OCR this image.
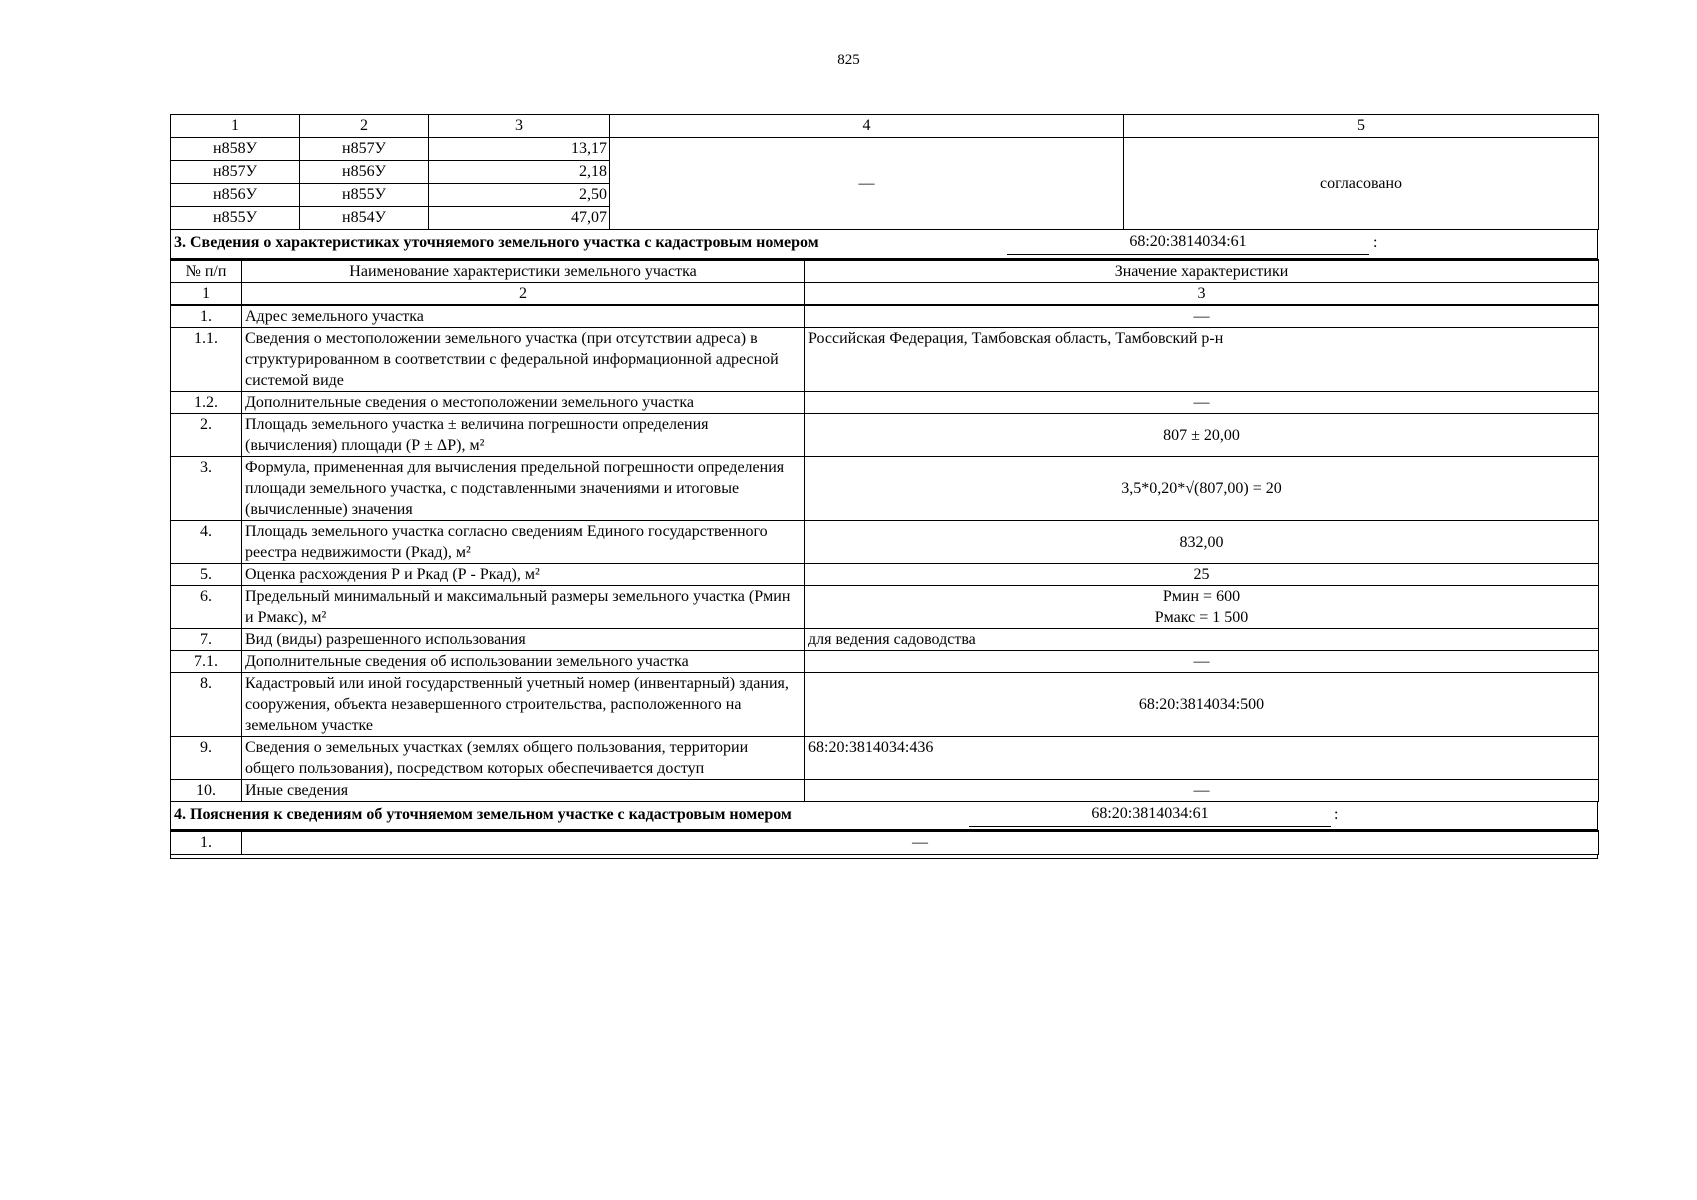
825
1	2	3	4	5
н858У	н857У	13,17	—	согласовано
н857У	н856У	2,18		
н856У	н855У	2,50		
н855У	н854У	47,07		
3. Сведения о характеристиках уточняемого земельного участка с кадастровым номером	68:20:3814034:61	:
№ п/п	Наименование характеристики земельного участка	Значение характеристики
1	2	3
1.	Адрес земельного участка	—
1.1.	Сведения о местоположении земельного участка (при отсутствии адреса) в структурированном в соответствии с федеральной информационной адресной системой виде	Российская Федерация, Тамбовская область, Тамбовский р-н
1.2.	Дополнительные сведения о местоположении земельного участка	—
2.	Площадь земельного участка ± величина погрешности определения (вычисления) площади (Р ± ΔР), м²	807 ± 20,00
3.	Формула, примененная для вычисления предельной погрешности определения площади земельного участка, с подставленными значениями и итоговые (вычисленные) значения	3,5*0,20*√(807,00) = 20
4.	Площадь земельного участка согласно сведениям Единого государственного реестра недвижимости (Ркад), м²	832,00
5.	Оценка расхождения Р и Ркад (Р - Ркад), м²	25
6.	Предельный минимальный и максимальный размеры земельного участка (Рмин и Рмакс), м²	Рмин = 600
Рмакс = 1 500

7.	Вид (виды) разрешенного использования	для ведения садоводства
7.1.	Дополнительные сведения об использовании земельного участка	—
8.	Кадастровый или иной государственный учетный номер (инвентарный) здания, сооружения, объекта незавершенного строительства, расположенного на земельном участке	68:20:3814034:500
9.	Сведения о земельных участках (землях общего пользования, территории общего пользования), посредством которых обеспечивается доступ	68:20:3814034:436
10.	Иные сведения	—
4. Пояснения к сведениям об уточняемом земельном участке с кадастровым номером	68:20:3814034:61	:
1.	—
